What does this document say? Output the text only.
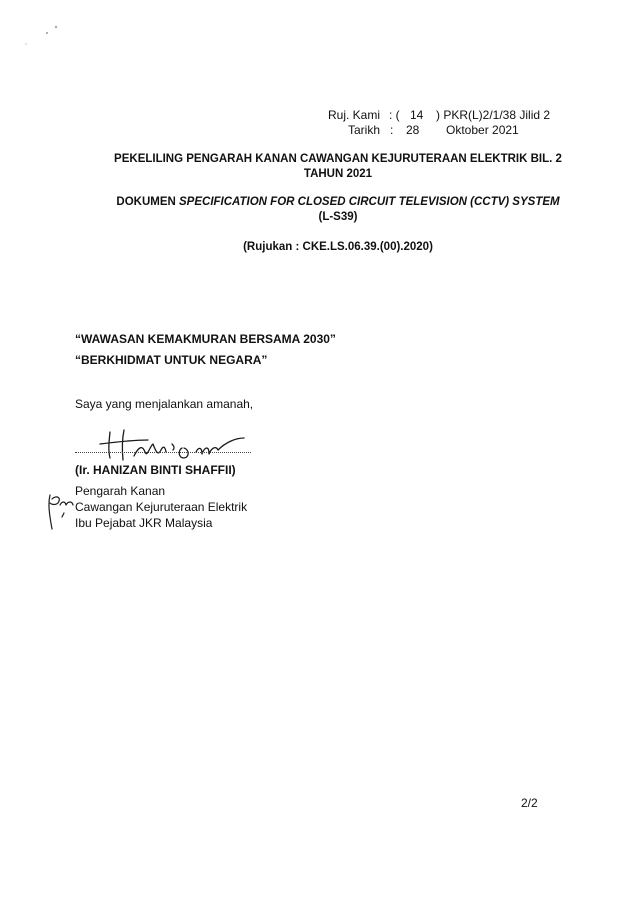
Ruj. Kami : ( 14 ) PKR(L)2/1/38 Jilid 2
Tarikh : 28 Oktober 2021
PEKELILING PENGARAH KANAN CAWANGAN KEJURUTERAAN ELEKTRIK BIL. 2
TAHUN 2021
DOKUMEN SPECIFICATION FOR CLOSED CIRCUIT TELEVISION (CCTV) SYSTEM
(L-S39)
(Rujukan : CKE.LS.06.39.(00).2020)
“WAWASAN KEMAKMURAN BERSAMA 2030”
“BERKHIDMAT UNTUK NEGARA”
Saya yang menjalankan amanah,
(Ir. HANIZAN BINTI SHAFFII)
Pengarah Kanan
Cawangan Kejuruteraan Elektrik
Ibu Pejabat JKR Malaysia
2/2
